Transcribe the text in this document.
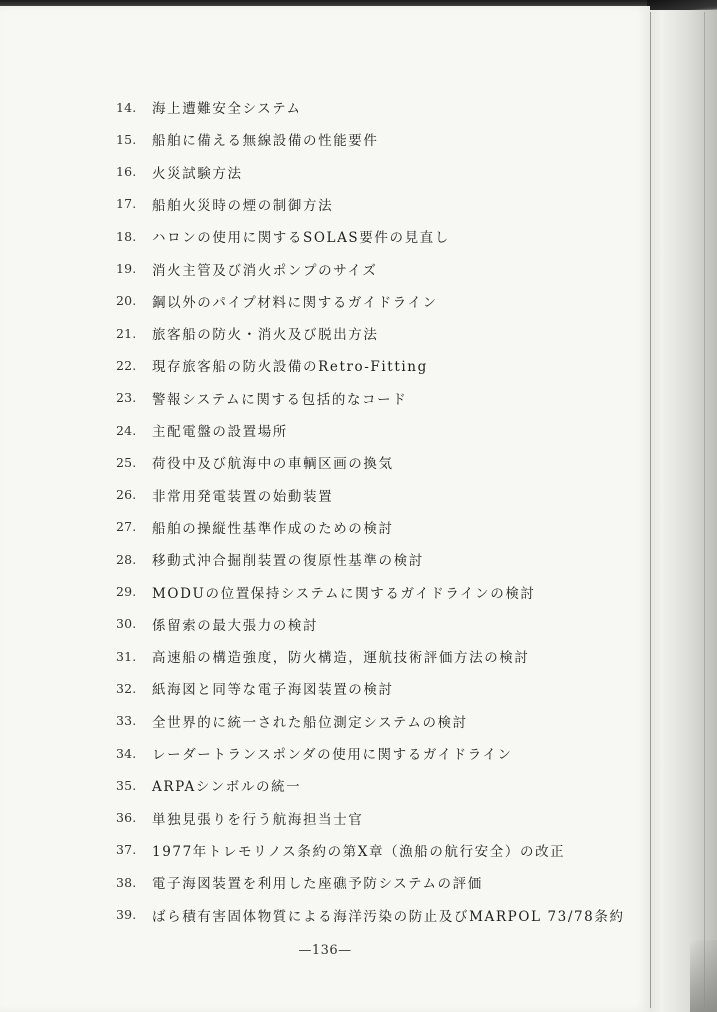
14.	海上遭難安全システム
15.	船舶に備える無線設備の性能要件
16.	火災試験方法
17.	船舶火災時の煙の制御方法
18.	ハロンの使用に関するSOLAS要件の見直し
19.	消火主管及び消火ポンプのサイズ
20.	鋼以外のパイプ材料に関するガイドライン
21.	旅客船の防火・消火及び脱出方法
22.	現存旅客船の防火設備のRetro-Fitting
23.	警報システムに関する包括的なコード
24.	主配電盤の設置場所
25.	荷役中及び航海中の車輌区画の換気
26.	非常用発電装置の始動装置
27.	船舶の操縦性基準作成のための検討
28.	移動式沖合掘削装置の復原性基準の検討
29.	MODUの位置保持システムに関するガイドラインの検討
30.	係留索の最大張力の検討
31.	高速船の構造強度，防火構造，運航技術評価方法の検討
32.	紙海図と同等な電子海図装置の検討
33.	全世界的に統一された船位測定システムの検討
34.	レーダートランスポンダの使用に関するガイドライン
35.	ARPAシンボルの統一
36.	単独見張りを行う航海担当士官
37.	1977年トレモリノス条約の第Ⅹ章（漁船の航行安全）の改正
38.	電子海図装置を利用した座礁予防システムの評価
39.	ばら積有害固体物質による海洋汚染の防止及びMARPOL 73/78条約
—136—
